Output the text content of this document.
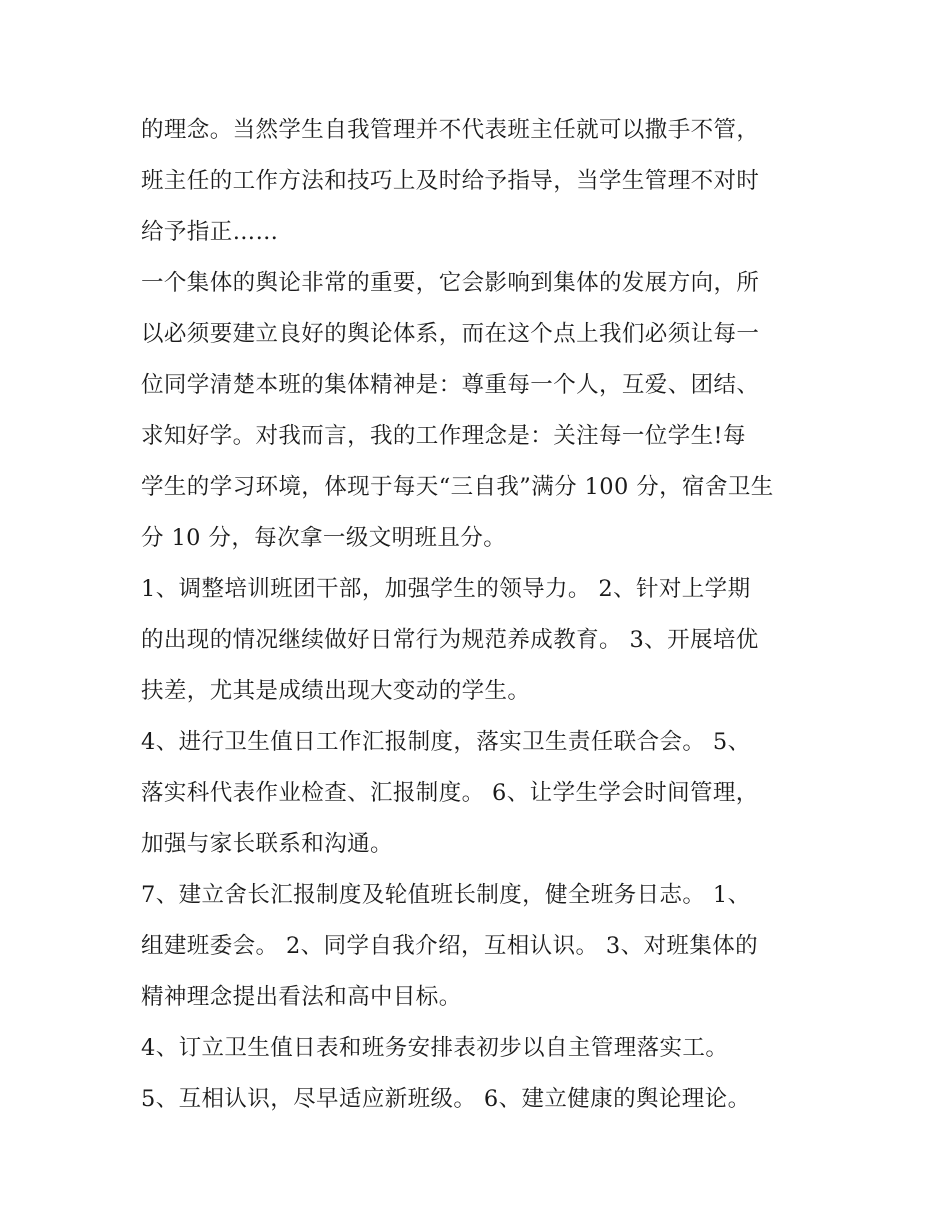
的理念。当然学生自我管理并不代表班主任就可以撒手不管，
班主任的工作方法和技巧上及时给予指导，当学生管理不对时
给予指正……
一个集体的舆论非常的重要，它会影响到集体的发展方向，所
以必须要建立良好的舆论体系，而在这个点上我们必须让每一
位同学清楚本班的集体精神是：尊重每一个人，互爱、团结、
求知好学。对我而言，我的工作理念是：关注每一位学生!每
学生的学习环境，体现于每天“三自我”满分 100 分，宿舍卫生
分 10 分，每次拿一级文明班且分。
1、调整培训班团干部，加强学生的领导力。 2、针对上学期
的出现的情况继续做好日常行为规范养成教育。 3、开展培优
扶差，尤其是成绩出现大变动的学生。
4、进行卫生值日工作汇报制度，落实卫生责任联合会。 5、
落实科代表作业检查、汇报制度。 6、让学生学会时间管理，
加强与家长联系和沟通。
7、建立舍长汇报制度及轮值班长制度，健全班务日志。 1、
组建班委会。 2、同学自我介绍，互相认识。 3、对班集体的
精神理念提出看法和高中目标。
4、订立卫生值日表和班务安排表初步以自主管理落实工。
5、互相认识，尽早适应新班级。 6、建立健康的舆论理论。
